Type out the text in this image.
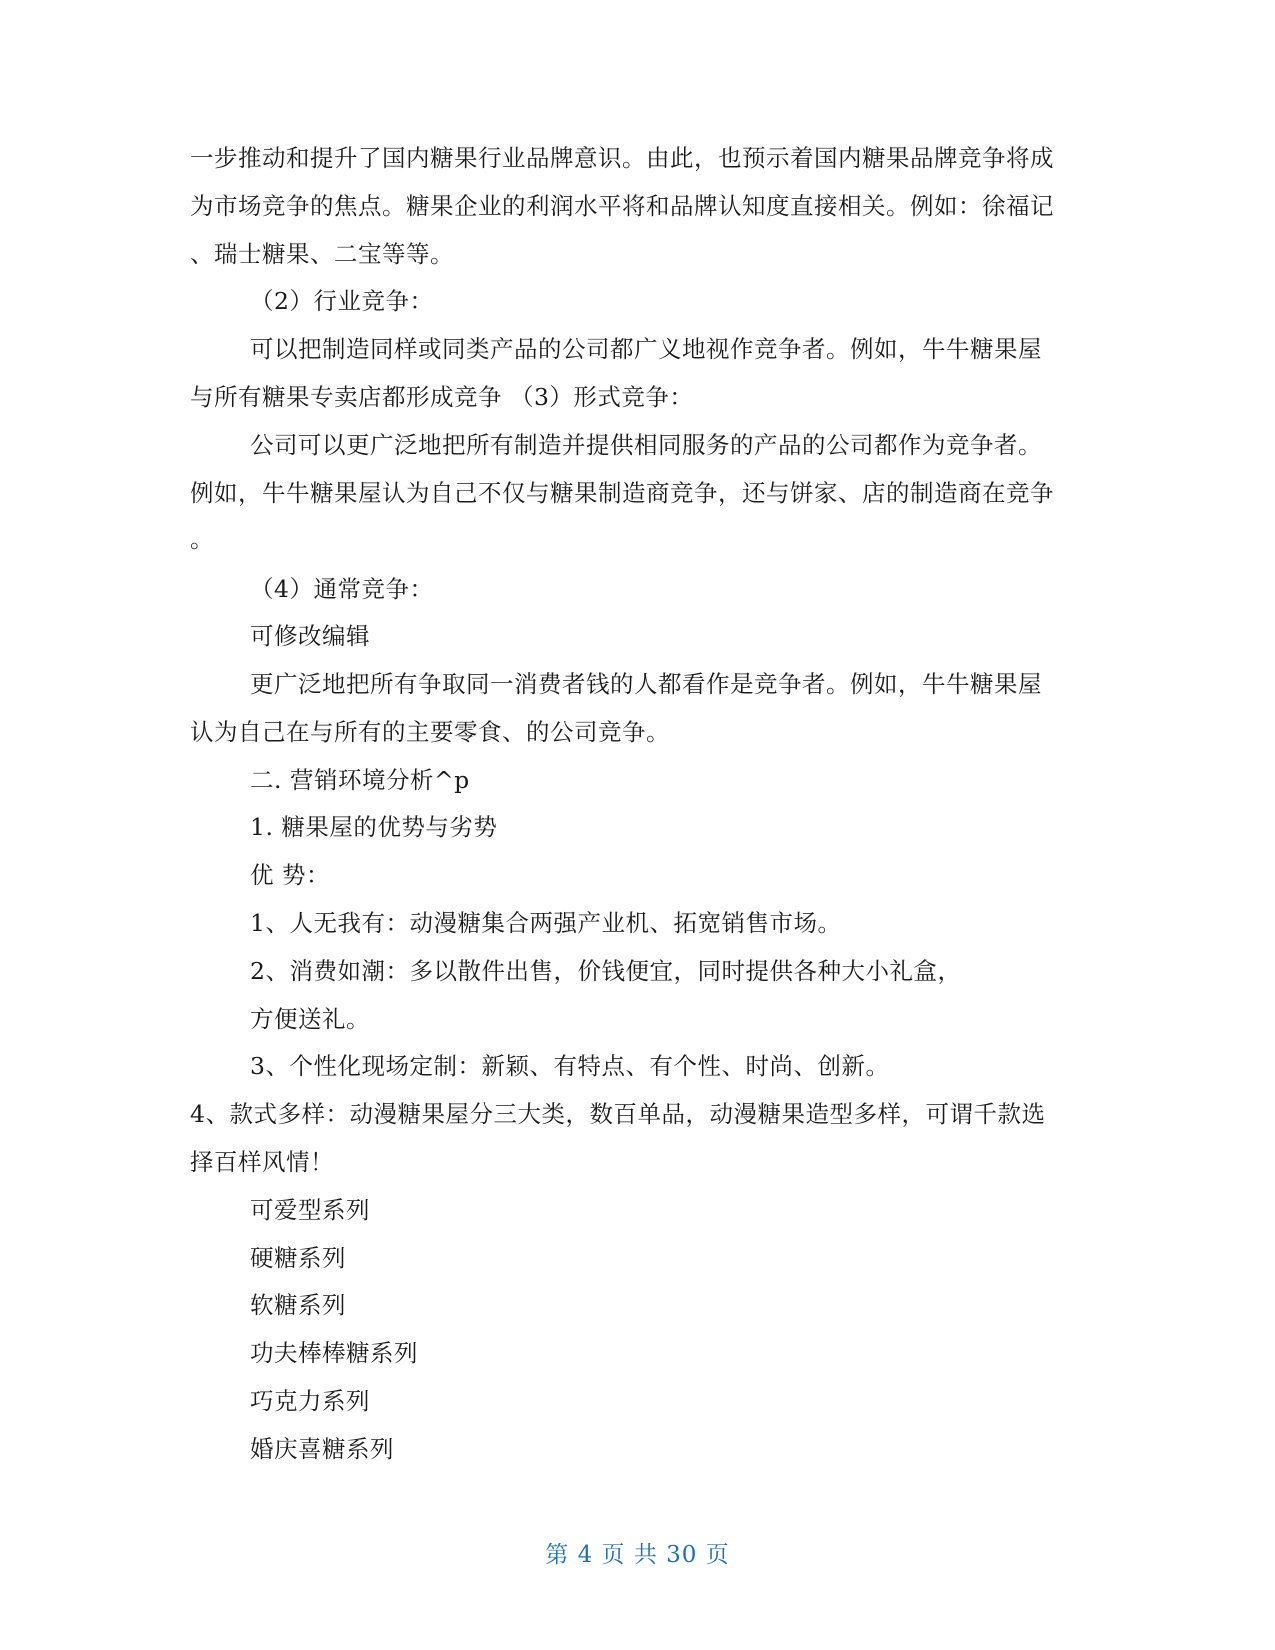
一步推动和提升了国内糖果行业品牌意识。由此，也预示着国内糖果品牌竞争将成
为市场竞争的焦点。糖果企业的利润水平将和品牌认知度直接相关。例如：徐福记
、瑞士糖果、二宝等等。
（2）行业竞争：
可以把制造同样或同类产品的公司都广义地视作竞争者。例如，牛牛糖果屋
与所有糖果专卖店都形成竞争 （3）形式竞争：
公司可以更广泛地把所有制造并提供相同服务的产品的公司都作为竞争者。
例如，牛牛糖果屋认为自己不仅与糖果制造商竞争，还与饼家、店的制造商在竞争
。
（4）通常竞争：
可修改编辑
更广泛地把所有争取同一消费者钱的人都看作是竞争者。例如，牛牛糖果屋
认为自己在与所有的主要零食、的公司竞争。
二. 营销环境分析^p
1. 糖果屋的优势与劣势
优 势：
1、人无我有：动漫糖集合两强产业机、拓宽销售市场。
2、消费如潮：多以散件出售，价钱便宜，同时提供各种大小礼盒，
方便送礼。
3、个性化现场定制：新颖、有特点、有个性、时尚、创新。
4、款式多样：动漫糖果屋分三大类，数百单品，动漫糖果造型多样，可谓千款选
择百样风情！
可爱型系列
硬糖系列
软糖系列
功夫棒棒糖系列
巧克力系列
婚庆喜糖系列
第 4 页 共 30 页
